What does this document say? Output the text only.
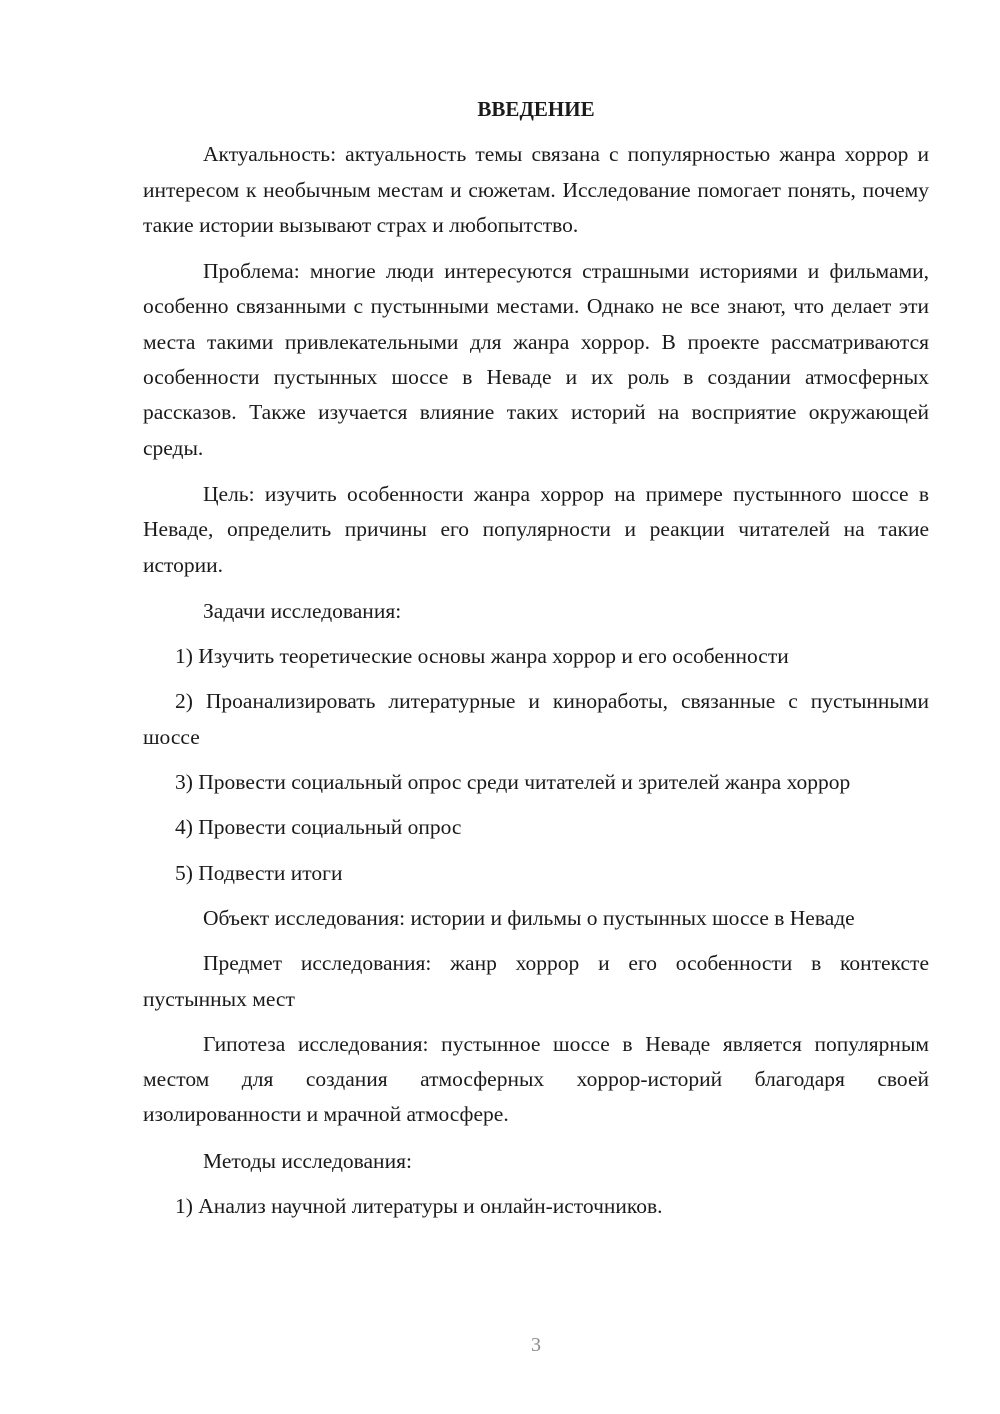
ВВЕДЕНИЕ

Актуальность: актуальность темы связана с популярностью жанра хоррор и интересом к необычным местам и сюжетам. Исследование помогает понять, почему такие истории вызывают страх и любопытство.

Проблема: многие люди интересуются страшными историями и фильмами, особенно связанными с пустынными местами. Однако не все знают, что делает эти места такими привлекательными для жанра хоррор. В проекте рассматриваются особенности пустынных шоссе в Неваде и их роль в создании атмосферных рассказов. Также изучается влияние таких историй на восприятие окружающей среды.

Цель: изучить особенности жанра хоррор на примере пустынного шоссе в Неваде, определить причины его популярности и реакции читателей на такие истории.

Задачи исследования:

1) Изучить теоретические основы жанра хоррор и его особенности
2) Проанализировать литературные и киноработы, связанные с пустынными шоссе
3) Провести социальный опрос среди читателей и зрителей жанра хоррор
4) Провести социальный опрос
5) Подвести итоги

Объект исследования: истории и фильмы о пустынных шоссе в Неваде

Предмет исследования: жанр хоррор и его особенности в контексте пустынных мест

Гипотеза исследования: пустынное шоссе в Неваде является популярным местом для создания атмосферных хоррор-историй благодаря своей изолированности и мрачной атмосфере.

Методы исследования:

1) Анализ научной литературы и онлайн-источников.
3
